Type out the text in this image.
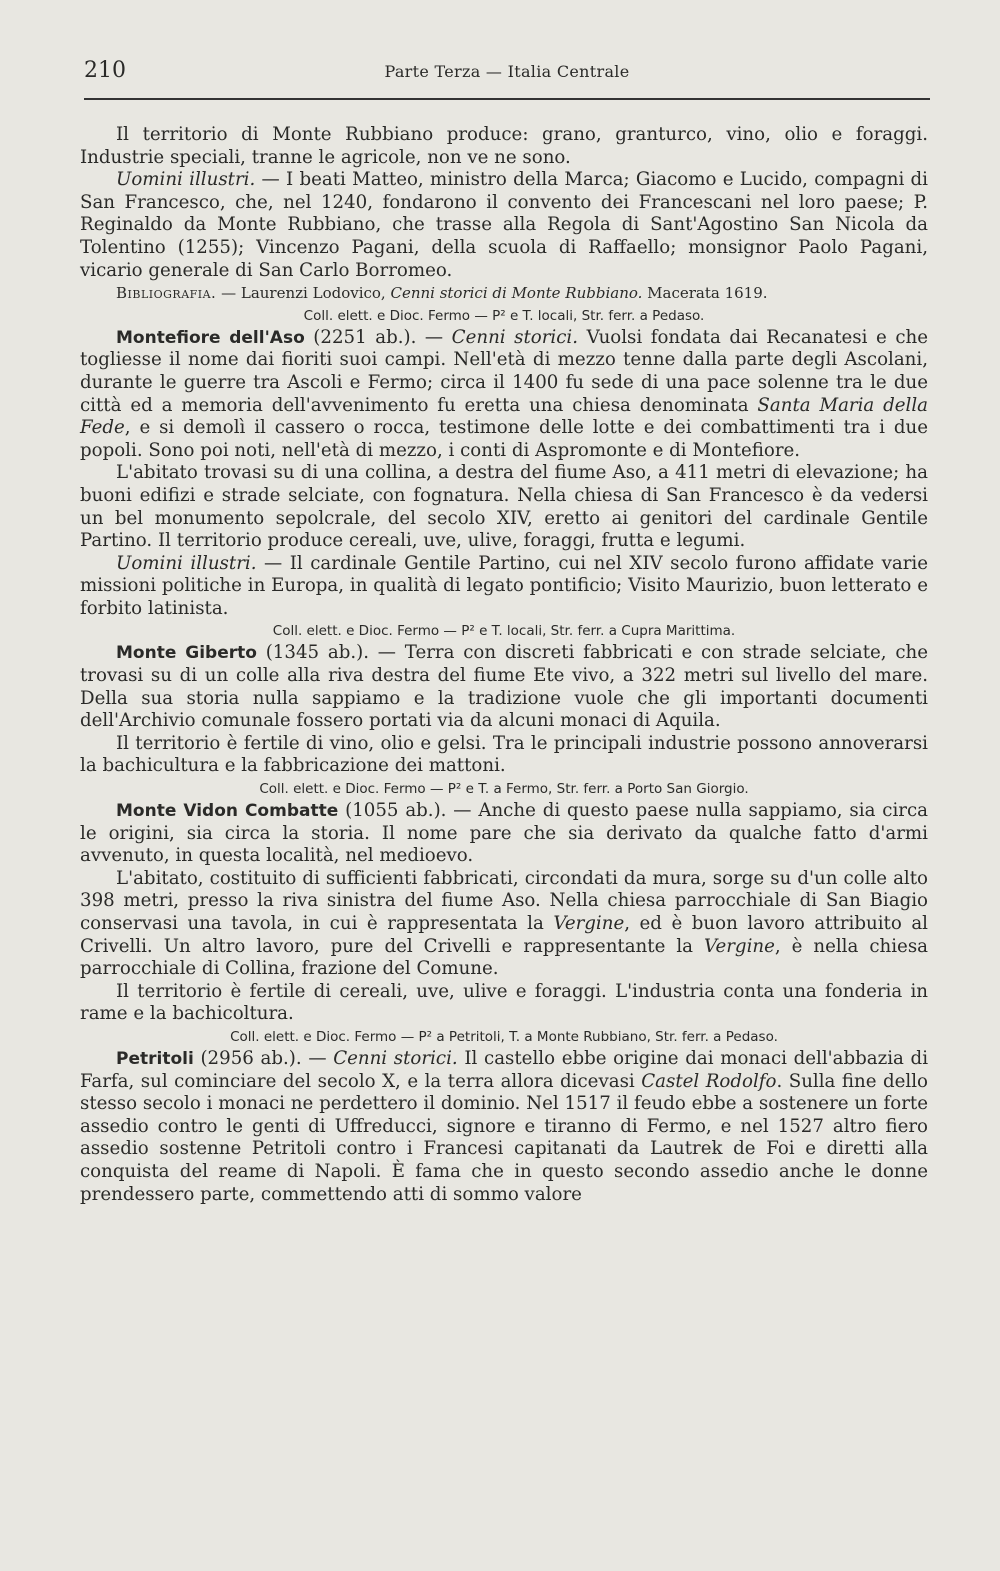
210	Parte Terza — Italia Centrale

Il territorio di Monte Rubbiano produce: grano, granturco, vino, olio e foraggi. Industrie speciali, tranne le agricole, non ve ne sono.

Uomini illustri. — I beati Matteo, ministro della Marca; Giacomo e Lucido, compagni di San Francesco, che, nel 1240, fondarono il convento dei Francescani nel loro paese; P. Reginaldo da Monte Rubbiano, che trasse alla Regola di Sant'Agostino San Nicola da Tolentino (1255); Vincenzo Pagani, della scuola di Raffaello; monsignor Paolo Pagani, vicario generale di San Carlo Borromeo.

Bibliografia. — Laurenzi Lodovico, Cenni storici di Monte Rubbiano. Macerata 1619.

Coll. elett. e Dioc. Fermo — P² e T. locali, Str. ferr. a Pedaso.

Montefiore dell'Aso (2251 ab.). — Cenni storici. Vuolsi fondata dai Recanatesi e che togliesse il nome dai fioriti suoi campi. Nell'età di mezzo tenne dalla parte degli Ascolani, durante le guerre tra Ascoli e Fermo; circa il 1400 fu sede di una pace solenne tra le due città ed a memoria dell'avvenimento fu eretta una chiesa denominata Santa Maria della Fede, e si demolì il cassero o rocca, testimone delle lotte e dei combattimenti tra i due popoli. Sono poi noti, nell'età di mezzo, i conti di Aspromonte e di Montefiore.

L'abitato trovasi su di una collina, a destra del fiume Aso, a 411 metri di elevazione; ha buoni edifizi e strade selciate, con fognatura. Nella chiesa di San Francesco è da vedersi un bel monumento sepolcrale, del secolo XIV, eretto ai genitori del cardinale Gentile Partino. Il territorio produce cereali, uve, ulive, foraggi, frutta e legumi.

Uomini illustri. — Il cardinale Gentile Partino, cui nel XIV secolo furono affidate varie missioni politiche in Europa, in qualità di legato pontificio; Visito Maurizio, buon letterato e forbito latinista.

Coll. elett. e Dioc. Fermo — P² e T. locali, Str. ferr. a Cupra Marittima.

Monte Giberto (1345 ab.). — Terra con discreti fabbricati e con strade selciate, che trovasi su di un colle alla riva destra del fiume Ete vivo, a 322 metri sul livello del mare. Della sua storia nulla sappiamo e la tradizione vuole che gli importanti documenti dell'Archivio comunale fossero portati via da alcuni monaci di Aquila.

Il territorio è fertile di vino, olio e gelsi. Tra le principali industrie possono annoverarsi la bachicultura e la fabbricazione dei mattoni.

Coll. elett. e Dioc. Fermo — P² e T. a Fermo, Str. ferr. a Porto San Giorgio.

Monte Vidon Combatte (1055 ab.). — Anche di questo paese nulla sappiamo, sia circa le origini, sia circa la storia. Il nome pare che sia derivato da qualche fatto d'armi avvenuto, in questa località, nel medioevo.

L'abitato, costituito di sufficienti fabbricati, circondati da mura, sorge su d'un colle alto 398 metri, presso la riva sinistra del fiume Aso. Nella chiesa parrocchiale di San Biagio conservasi una tavola, in cui è rappresentata la Vergine, ed è buon lavoro attribuito al Crivelli. Un altro lavoro, pure del Crivelli e rappresentante la Vergine, è nella chiesa parrocchiale di Collina, frazione del Comune.

Il territorio è fertile di cereali, uve, ulive e foraggi. L'industria conta una fonderia in rame e la bachicoltura.

Coll. elett. e Dioc. Fermo — P² a Petritoli, T. a Monte Rubbiano, Str. ferr. a Pedaso.

Petritoli (2956 ab.). — Cenni storici. Il castello ebbe origine dai monaci dell'abbazia di Farfa, sul cominciare del secolo X, e la terra allora dicevasi Castel Rodolfo. Sulla fine dello stesso secolo i monaci ne perdettero il dominio. Nel 1517 il feudo ebbe a sostenere un forte assedio contro le genti di Uffreducci, signore e tiranno di Fermo, e nel 1527 altro fiero assedio sostenne Petritoli contro i Francesi capitanati da Lautrek de Foi e diretti alla conquista del reame di Napoli. È fama che in questo secondo assedio anche le donne prendessero parte, commettendo atti di sommo valore
